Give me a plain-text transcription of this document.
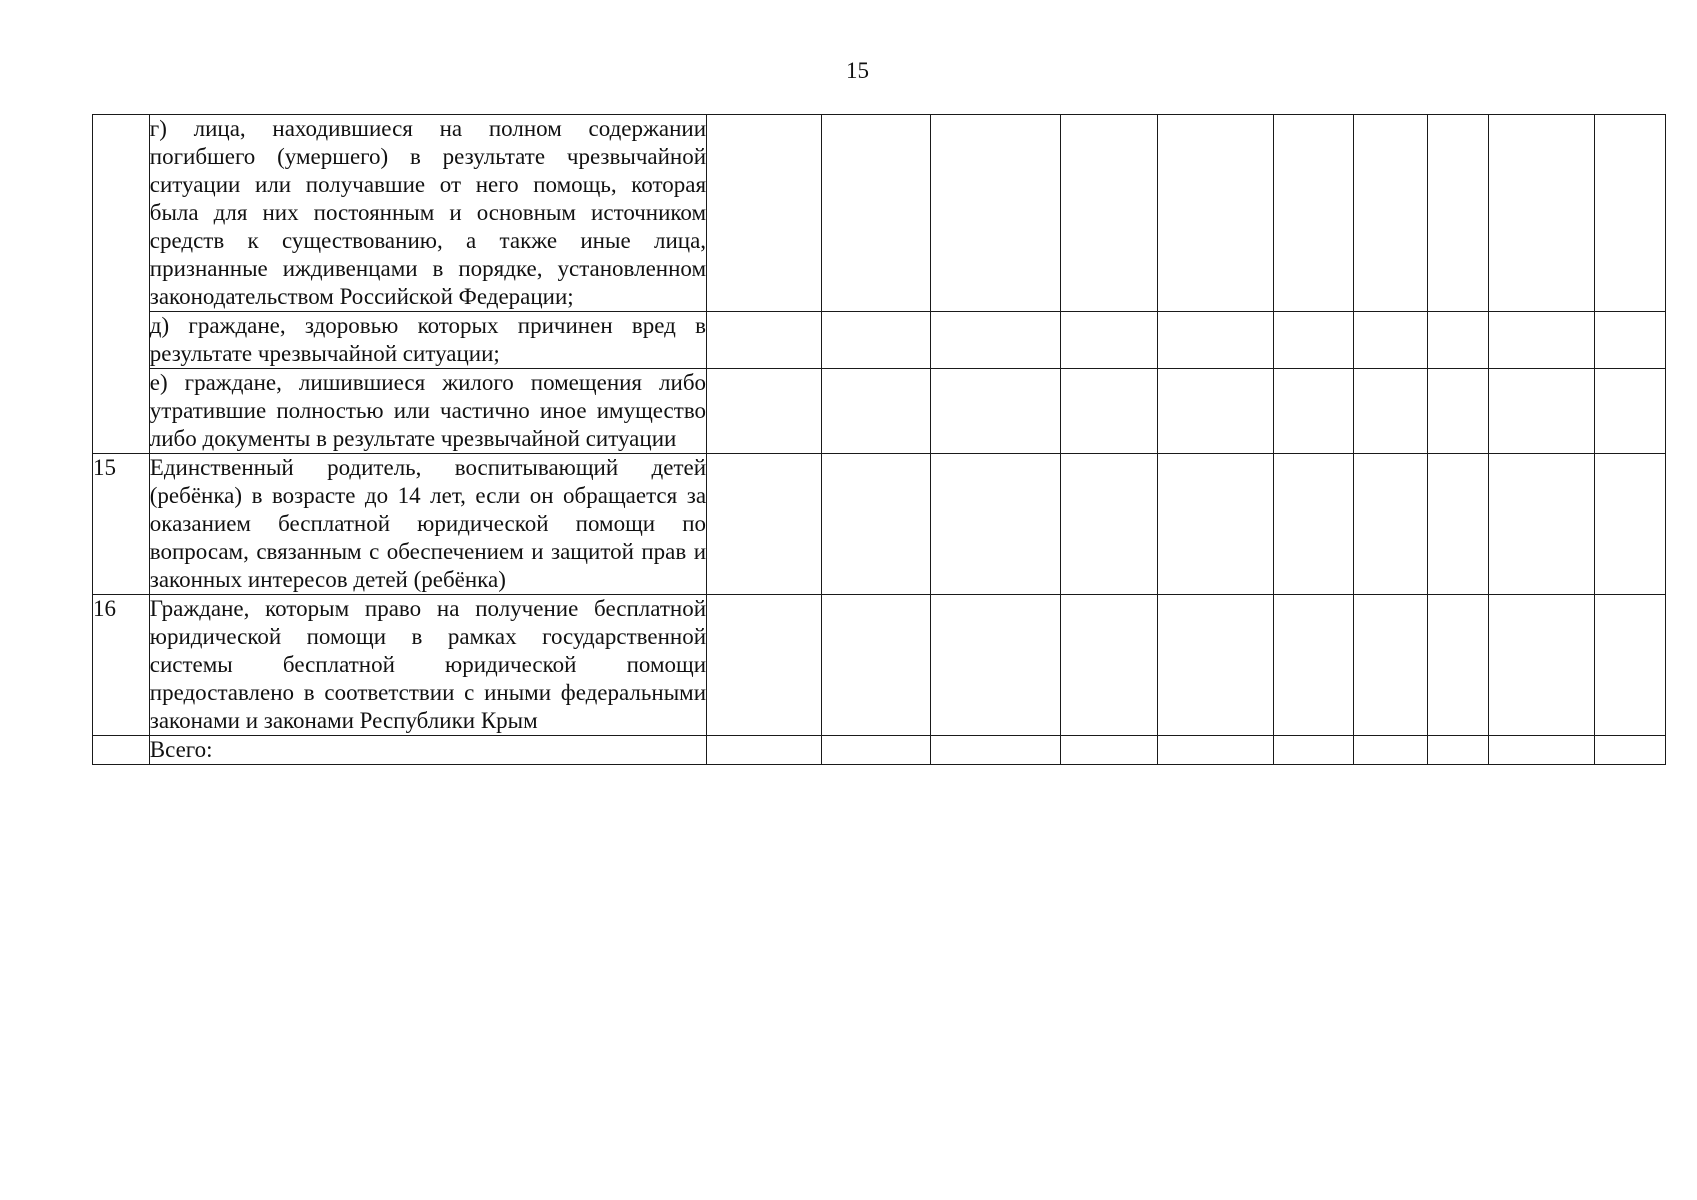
15
	г) лица, находившиеся на полном содержании погибшего (умершего) в результате чрезвычайной ситуации или получавшие от него помощь, которая была для них постоянным и основным источником средств к существованию, а также иные лица, признанные иждивенцами в порядке, установленном законодательством Российской Федерации;										
	д) граждане, здоровью которых причинен вред в результате чрезвычайной ситуации;										
	е) граждане, лишившиеся жилого помещения либо утратившие полностью или частично иное имущество либо документы в результате чрезвычайной ситуации										
15	Единственный родитель, воспитывающий детей (ребёнка) в возрасте до 14 лет, если он обращается за оказанием бесплатной юридической помощи по вопросам, связанным с обеспечением и защитой прав и законных интересов детей (ребёнка)										
16	Граждане, которым право на получение бесплатной юридической помощи в рамках государственной системы бесплатной юридической помощи предоставлено в соответствии с иными федеральными законами и законами Республики Крым										
	Всего:										
